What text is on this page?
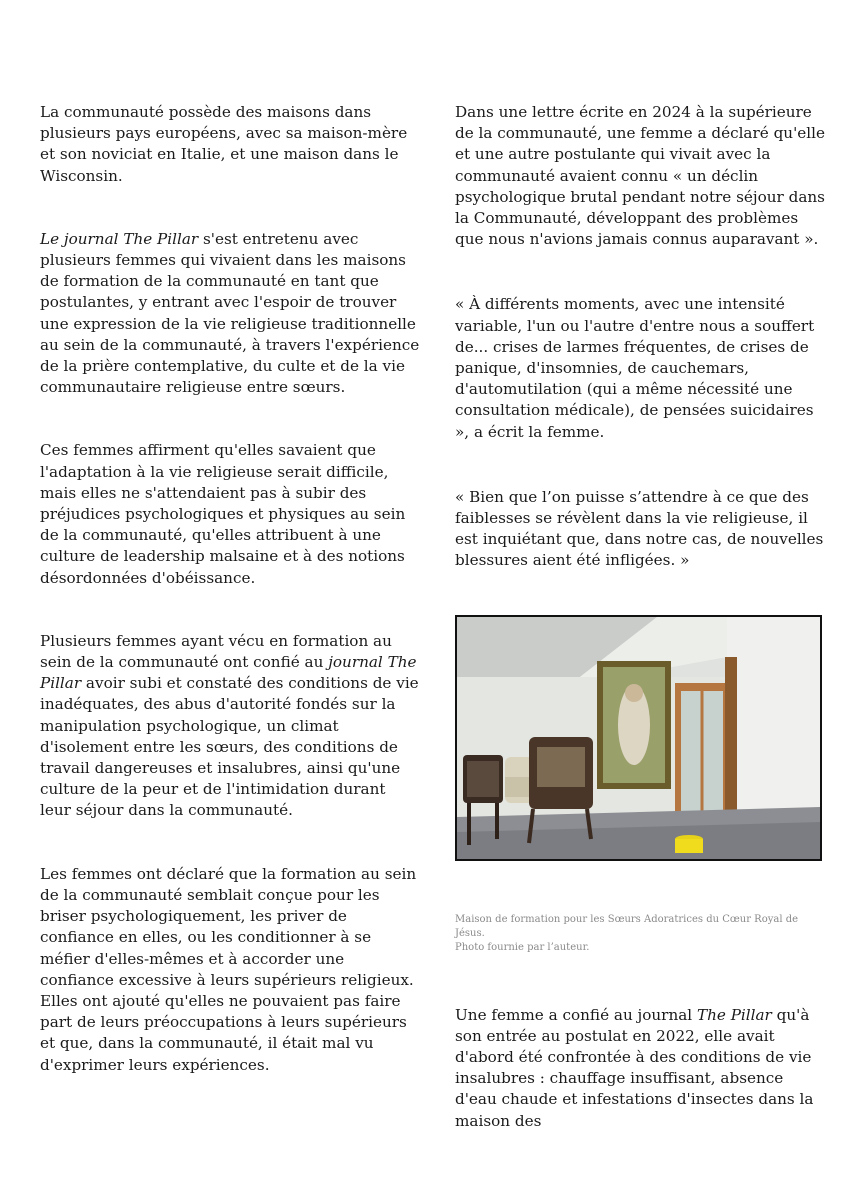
La communauté possède des maisons dans plusieurs pays européens, avec sa maison-mère et son noviciat en Italie, et une maison dans le Wisconsin.

Le journal The Pillar s'est entretenu avec plusieurs femmes qui vivaient dans les maisons de formation de la communauté en tant que postulantes, y entrant avec l'espoir de trouver une expression de la vie religieuse traditionnelle au sein de la communauté, à travers l'expérience de la prière contemplative, du culte et de la vie communautaire religieuse entre sœurs.

Ces femmes affirment qu'elles savaient que l'adaptation à la vie religieuse serait difficile, mais elles ne s'attendaient pas à subir des préjudices psychologiques et physiques au sein de la communauté, qu'elles attribuent à une culture de leadership malsaine et à des notions désordonnées d'obéissance.

Plusieurs femmes ayant vécu en formation au sein de la communauté ont confié au journal The Pillar avoir subi et constaté des conditions de vie inadéquates, des abus d'autorité fondés sur la manipulation psychologique, un climat d'isolement entre les sœurs, des conditions de travail dangereuses et insalubres, ainsi qu'une culture de la peur et de l'intimidation durant leur séjour dans la communauté.

Les femmes ont déclaré que la formation au sein de la communauté semblait conçue pour les briser psychologiquement, les priver de confiance en elles, ou les conditionner à se méfier d'elles-mêmes et à accorder une confiance excessive à leurs supérieurs religieux. Elles ont ajouté qu'elles ne pouvaient pas faire part de leurs préoccupations à leurs supérieurs et que, dans la communauté, il était mal vu d'exprimer leurs expériences.

Dans une lettre écrite en 2024 à la supérieure de la communauté, une femme a déclaré qu'elle et une autre postulante qui vivait avec la communauté avaient connu « un déclin psychologique brutal pendant notre séjour dans la Communauté, développant des problèmes que nous n'avions jamais connus auparavant ».

« À différents moments, avec une intensité variable, l'un ou l'autre d'entre nous a souffert de... crises de larmes fréquentes, de crises de panique, d'insomnies, de cauchemars, d'automutilation (qui a même nécessité une consultation médicale), de pensées suicidaires », a écrit la femme.

« Bien que l’on puisse s’attendre à ce que des faiblesses se révèlent dans la vie religieuse, il est inquiétant que, dans notre cas, de nouvelles blessures aient été infligées. »

Maison de formation pour les Sœurs Adoratrices du Cœur Royal de Jésus.
Photo fournie par l’auteur.

Une femme a confié au journal The Pillar qu'à son entrée au postulat en 2022, elle avait d'abord été confrontée à des conditions de vie insalubres : chauffage insuffisant, absence d'eau chaude et infestations d'insectes dans la maison des
